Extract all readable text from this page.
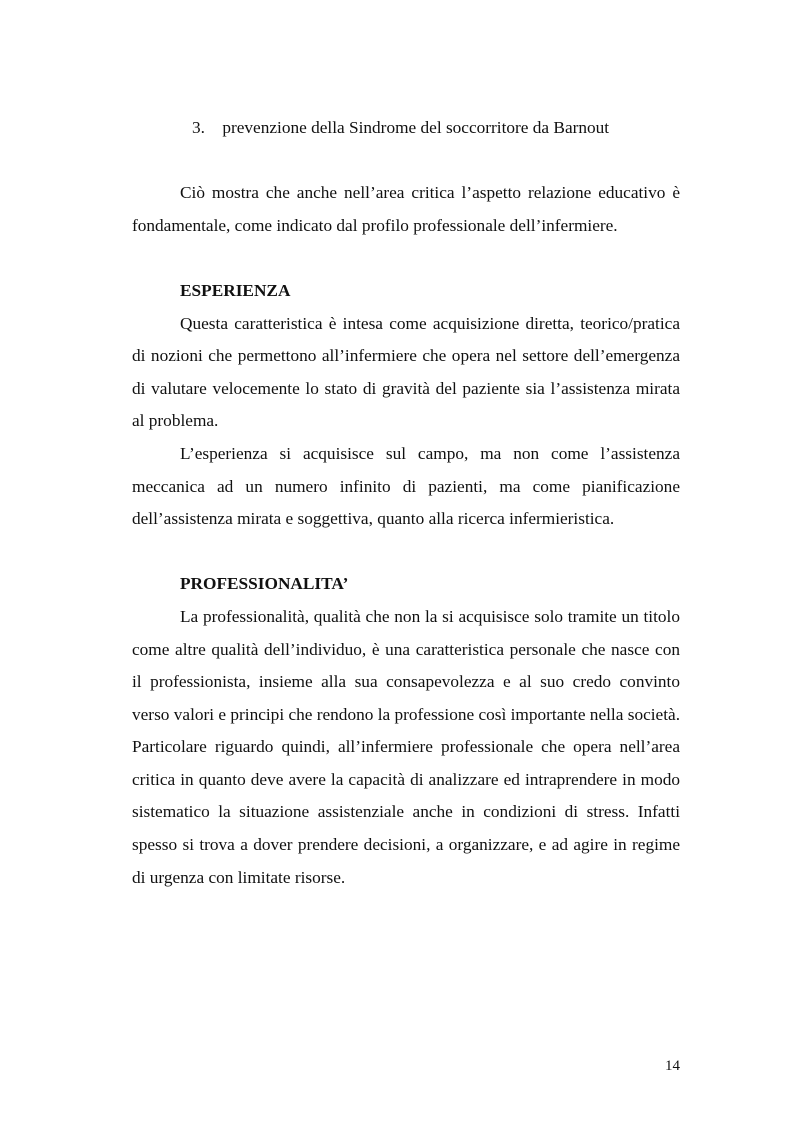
3. prevenzione della Sindrome del soccorritore da Barnout

Ciò mostra che anche nell’area critica l’aspetto relazione educativo è fondamentale, come indicato dal profilo professionale dell’infermiere.

ESPERIENZA

Questa caratteristica è intesa come acquisizione diretta, teorico/pratica di nozioni che permettono all’infermiere che opera nel settore dell’emergenza di valutare velocemente lo stato di gravità del paziente sia l’assistenza mirata al problema.

L’esperienza si acquisisce sul campo, ma non come l’assistenza meccanica ad un numero infinito di pazienti, ma come pianificazione dell’assistenza mirata e soggettiva, quanto alla ricerca infermieristica.

PROFESSIONALITA’

La professionalità, qualità che non la si acquisisce solo tramite un titolo come altre qualità dell’individuo, è una caratteristica personale che nasce con il professionista, insieme alla sua consapevolezza e al suo credo convinto verso valori e principi che rendono la professione così importante nella società. Particolare riguardo quindi, all’infermiere professionale che opera nell’area critica in quanto deve avere la capacità di analizzare ed intraprendere in modo sistematico la situazione assistenziale anche in condizioni di stress. Infatti spesso si trova a dover prendere decisioni, a organizzare, e ad agire in regime di urgenza con limitate risorse.

14
